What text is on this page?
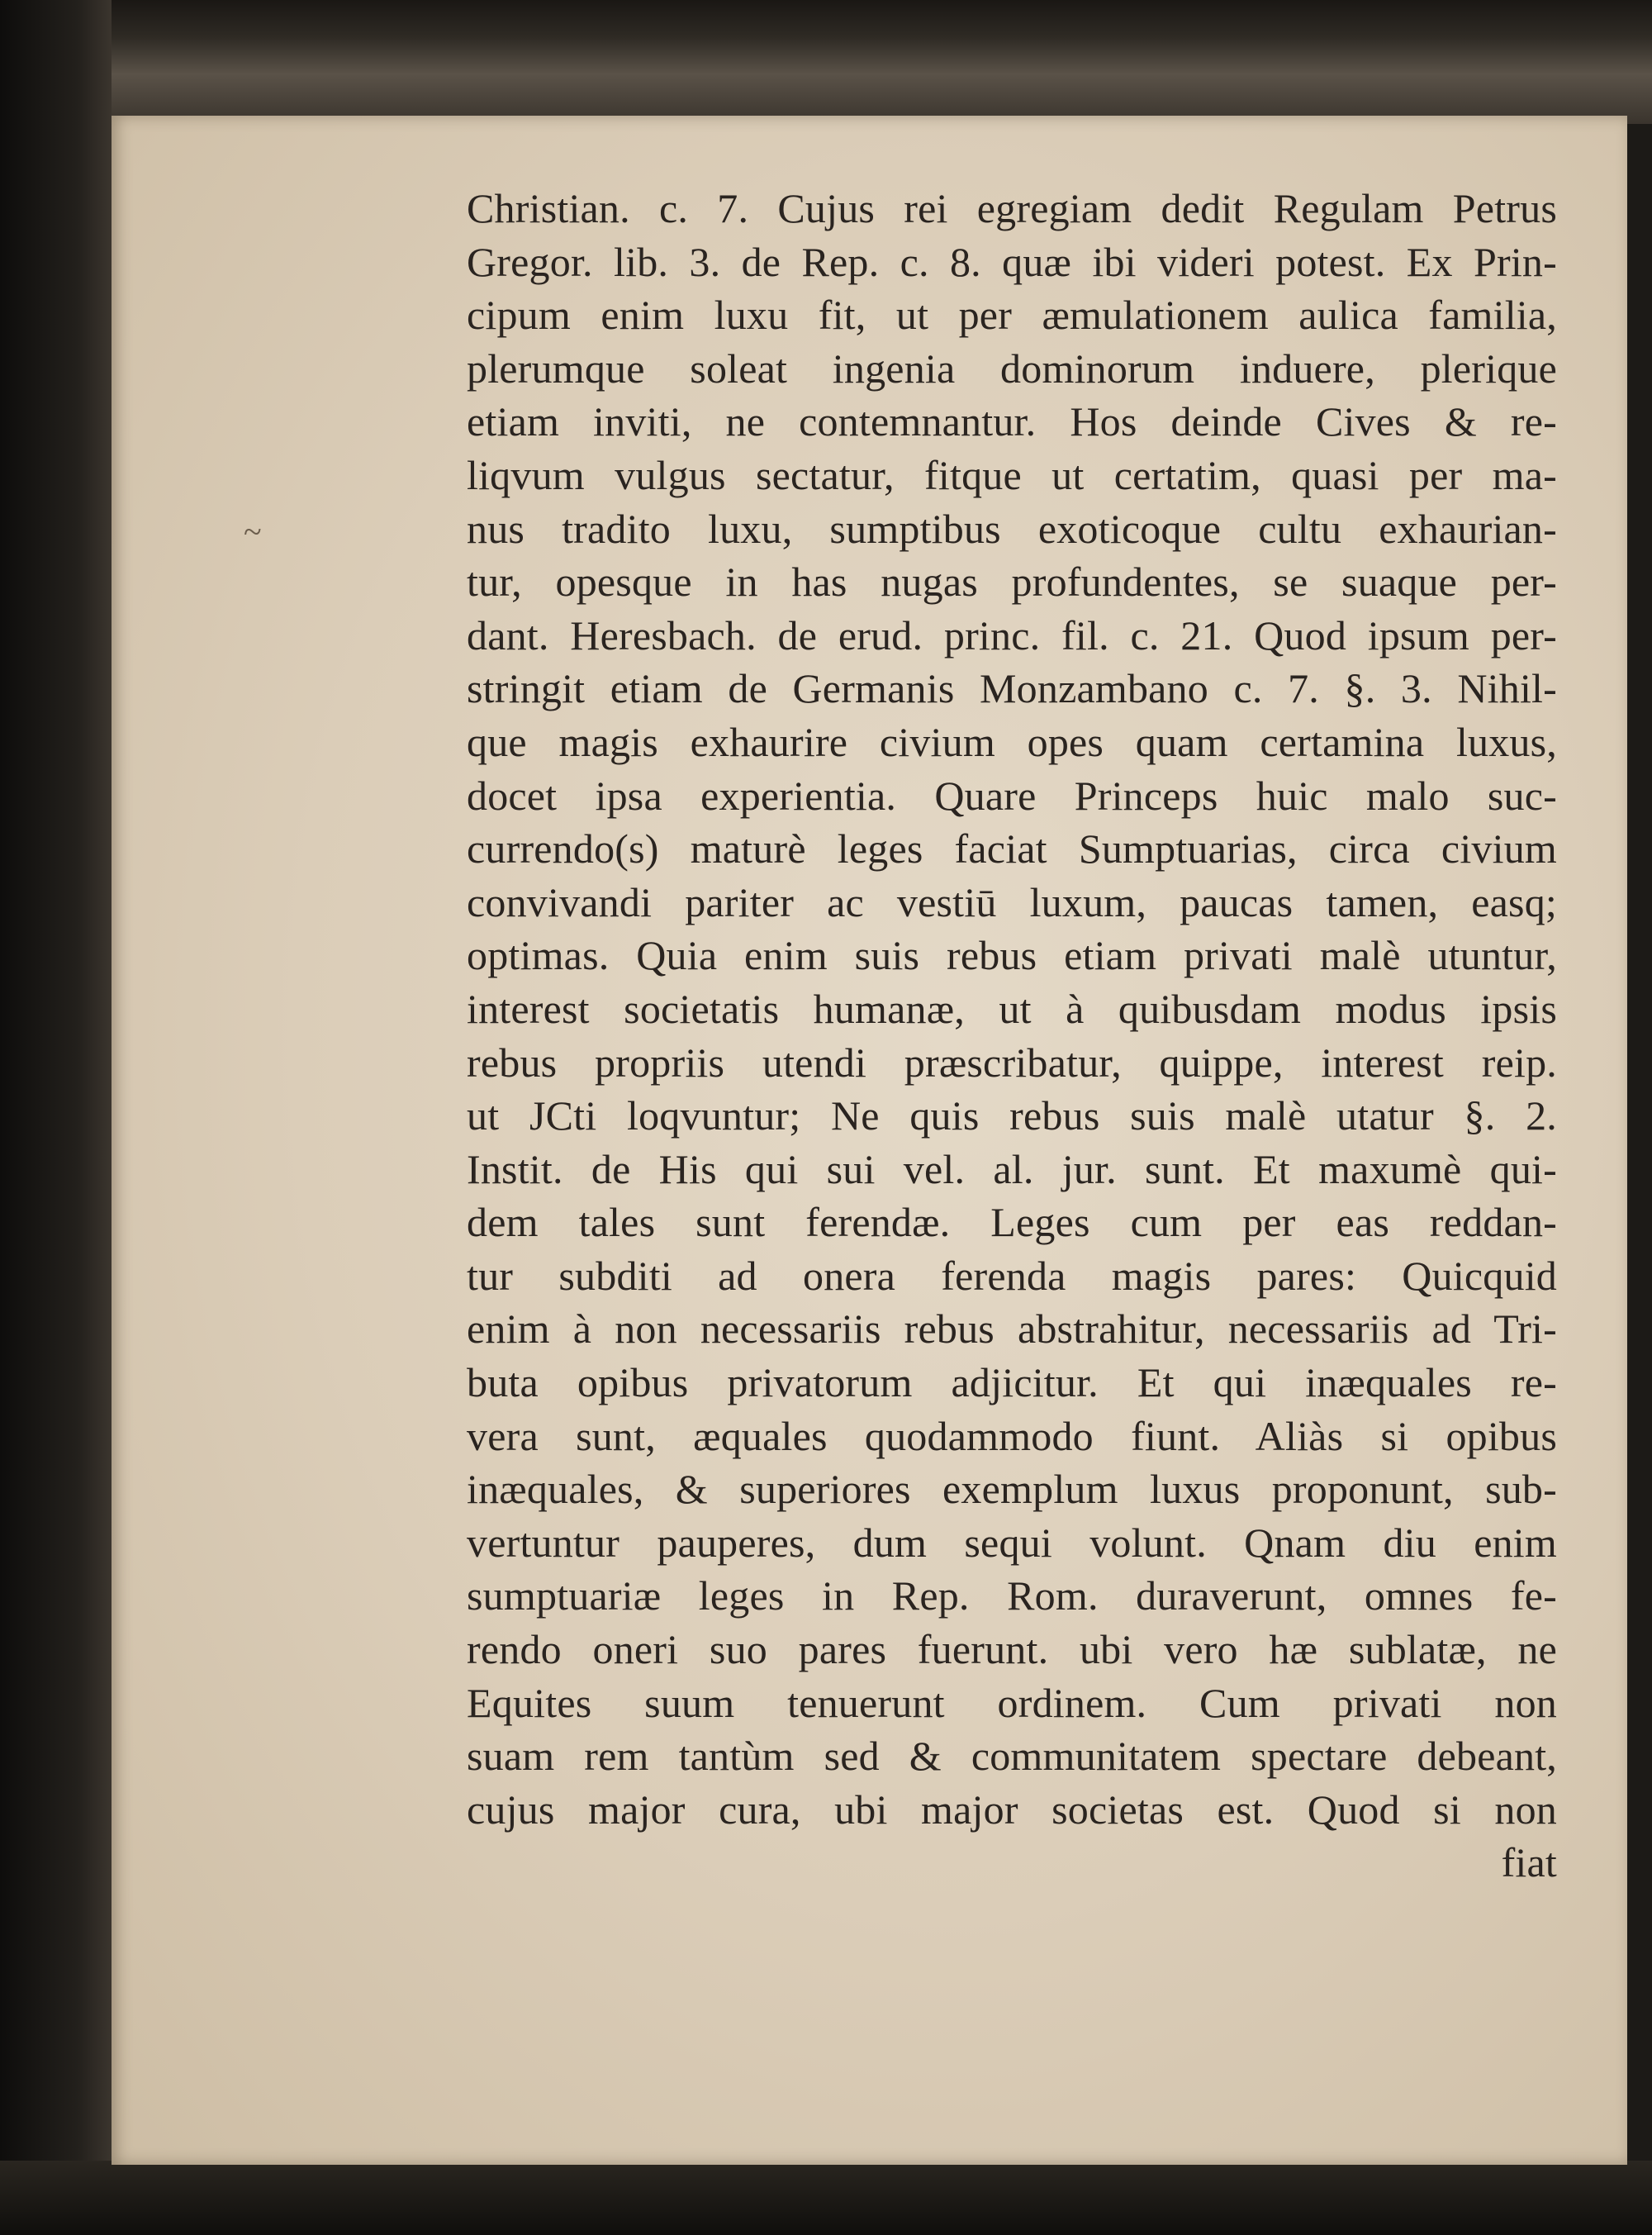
~
Christian. c. 7. Cujus rei egregiam dedit Regulam Petrus
Gregor. lib. 3. de Rep. c. 8. quæ ibi videri potest. Ex Prin-
cipum enim luxu fit, ut per æmulationem aulica familia,
plerumque soleat ingenia dominorum induere, plerique
etiam inviti, ne contemnantur. Hos deinde Cives & re-
liqvum vulgus sectatur, fitque ut certatim, quasi per ma-
nus tradito luxu, sumptibus exoticoque cultu exhaurian-
tur, opesque in has nugas profundentes, se suaque per-
dant. Heresbach. de erud. princ. fil. c. 21. Quod ipsum per-
stringit etiam de Germanis Monzambano c. 7. §. 3. Nihil-
que magis exhaurire civium opes quam certamina luxus,
docet ipsa experientia. Quare Princeps huic malo suc-
currendo(s) maturè leges faciat Sumptuarias, circa civium
convivandi pariter ac vestiū luxum, paucas tamen, easq;
optimas. Quia enim suis rebus etiam privati malè utuntur,
interest societatis humanæ, ut à quibusdam modus ipsis
rebus propriis utendi præscribatur, quippe, interest reip.
ut JCti loqvuntur; Ne quis rebus suis malè utatur §. 2.
Instit. de His qui sui vel. al. jur. sunt. Et maxumè qui-
dem tales sunt ferendæ. Leges cum per eas reddan-
tur subditi ad onera ferenda magis pares: Quicquid
enim à non necessariis rebus abstrahitur, necessariis ad Tri-
buta opibus privatorum adjicitur. Et qui inæquales re-
vera sunt, æquales quodammodo fiunt. Aliàs si opibus
inæquales, & superiores exemplum luxus proponunt, sub-
vertuntur pauperes, dum sequi volunt. Qnam diu enim
sumptuariæ leges in Rep. Rom. duraverunt, omnes fe-
rendo oneri suo pares fuerunt. ubi vero hæ sublatæ, ne
Equites suum tenuerunt ordinem. Cum privati non
suam rem tantùm sed & communitatem spectare debeant,
cujus major cura, ubi major societas est. Quod si non
fiat
